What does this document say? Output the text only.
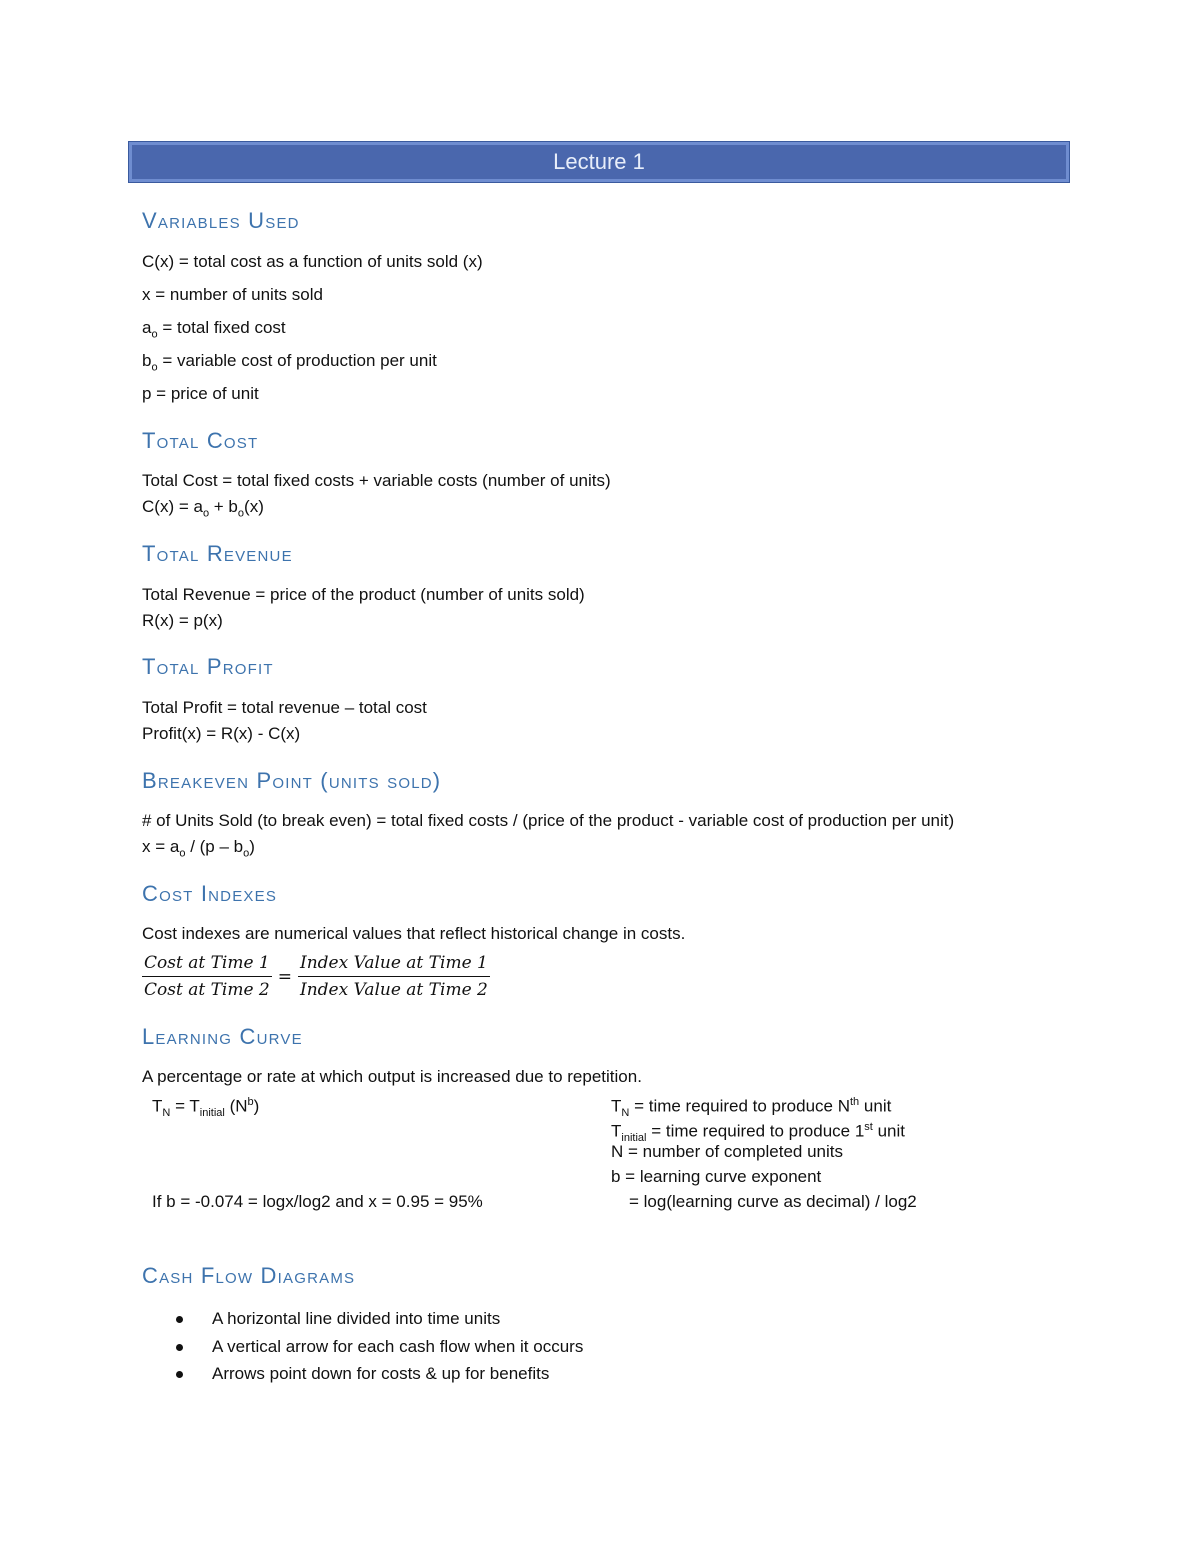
Lecture 1
Variables Used

C(x) = total cost as a function of units sold (x)

x = number of units sold

$a_o$ = total fixed cost

$b_o$ = variable cost of production per unit

p = price of unit

Total Cost

Total Cost = total fixed costs + variable costs (number of units)

$C(x) = a_o + b_o(x)$

Total Revenue

Total Revenue = price of the product (number of units sold)

R(x) = p(x)

Total Profit

Total Profit = total revenue – total cost

Profit(x) = R(x) - C(x)

Breakeven Point (units sold)

# of Units Sold (to break even) = total fixed costs / (price of the product - variable cost of production per unit)

$x = a_o / (p - b_o)$

Cost Indexes

Cost indexes are numerical values that reflect historical change in costs.

$\frac{\text{Cost at Time 1}}{\text{Cost at Time 2}} = \frac{\text{Index Value at Time 1}}{\text{Index Value at Time 2}}$
Learning Curve

A percentage or rate at which output is increased due to repetition.

$T_N = T_{initial}$ $(N^b)$

If b = -0.074 = logx/log2 and x = 0.95 = 95%

$T_N$ = time required to produce $N^{th}$ unit

$T_{initial}$ = time required to produce 1st unit

N = number of completed units

b = learning curve exponent

= log(learning curve as decimal) / log2

Cash Flow Diagrams
A horizontal line divided into time units
A vertical arrow for each cash flow when it occurs
Arrows point down for costs & up for benefits
